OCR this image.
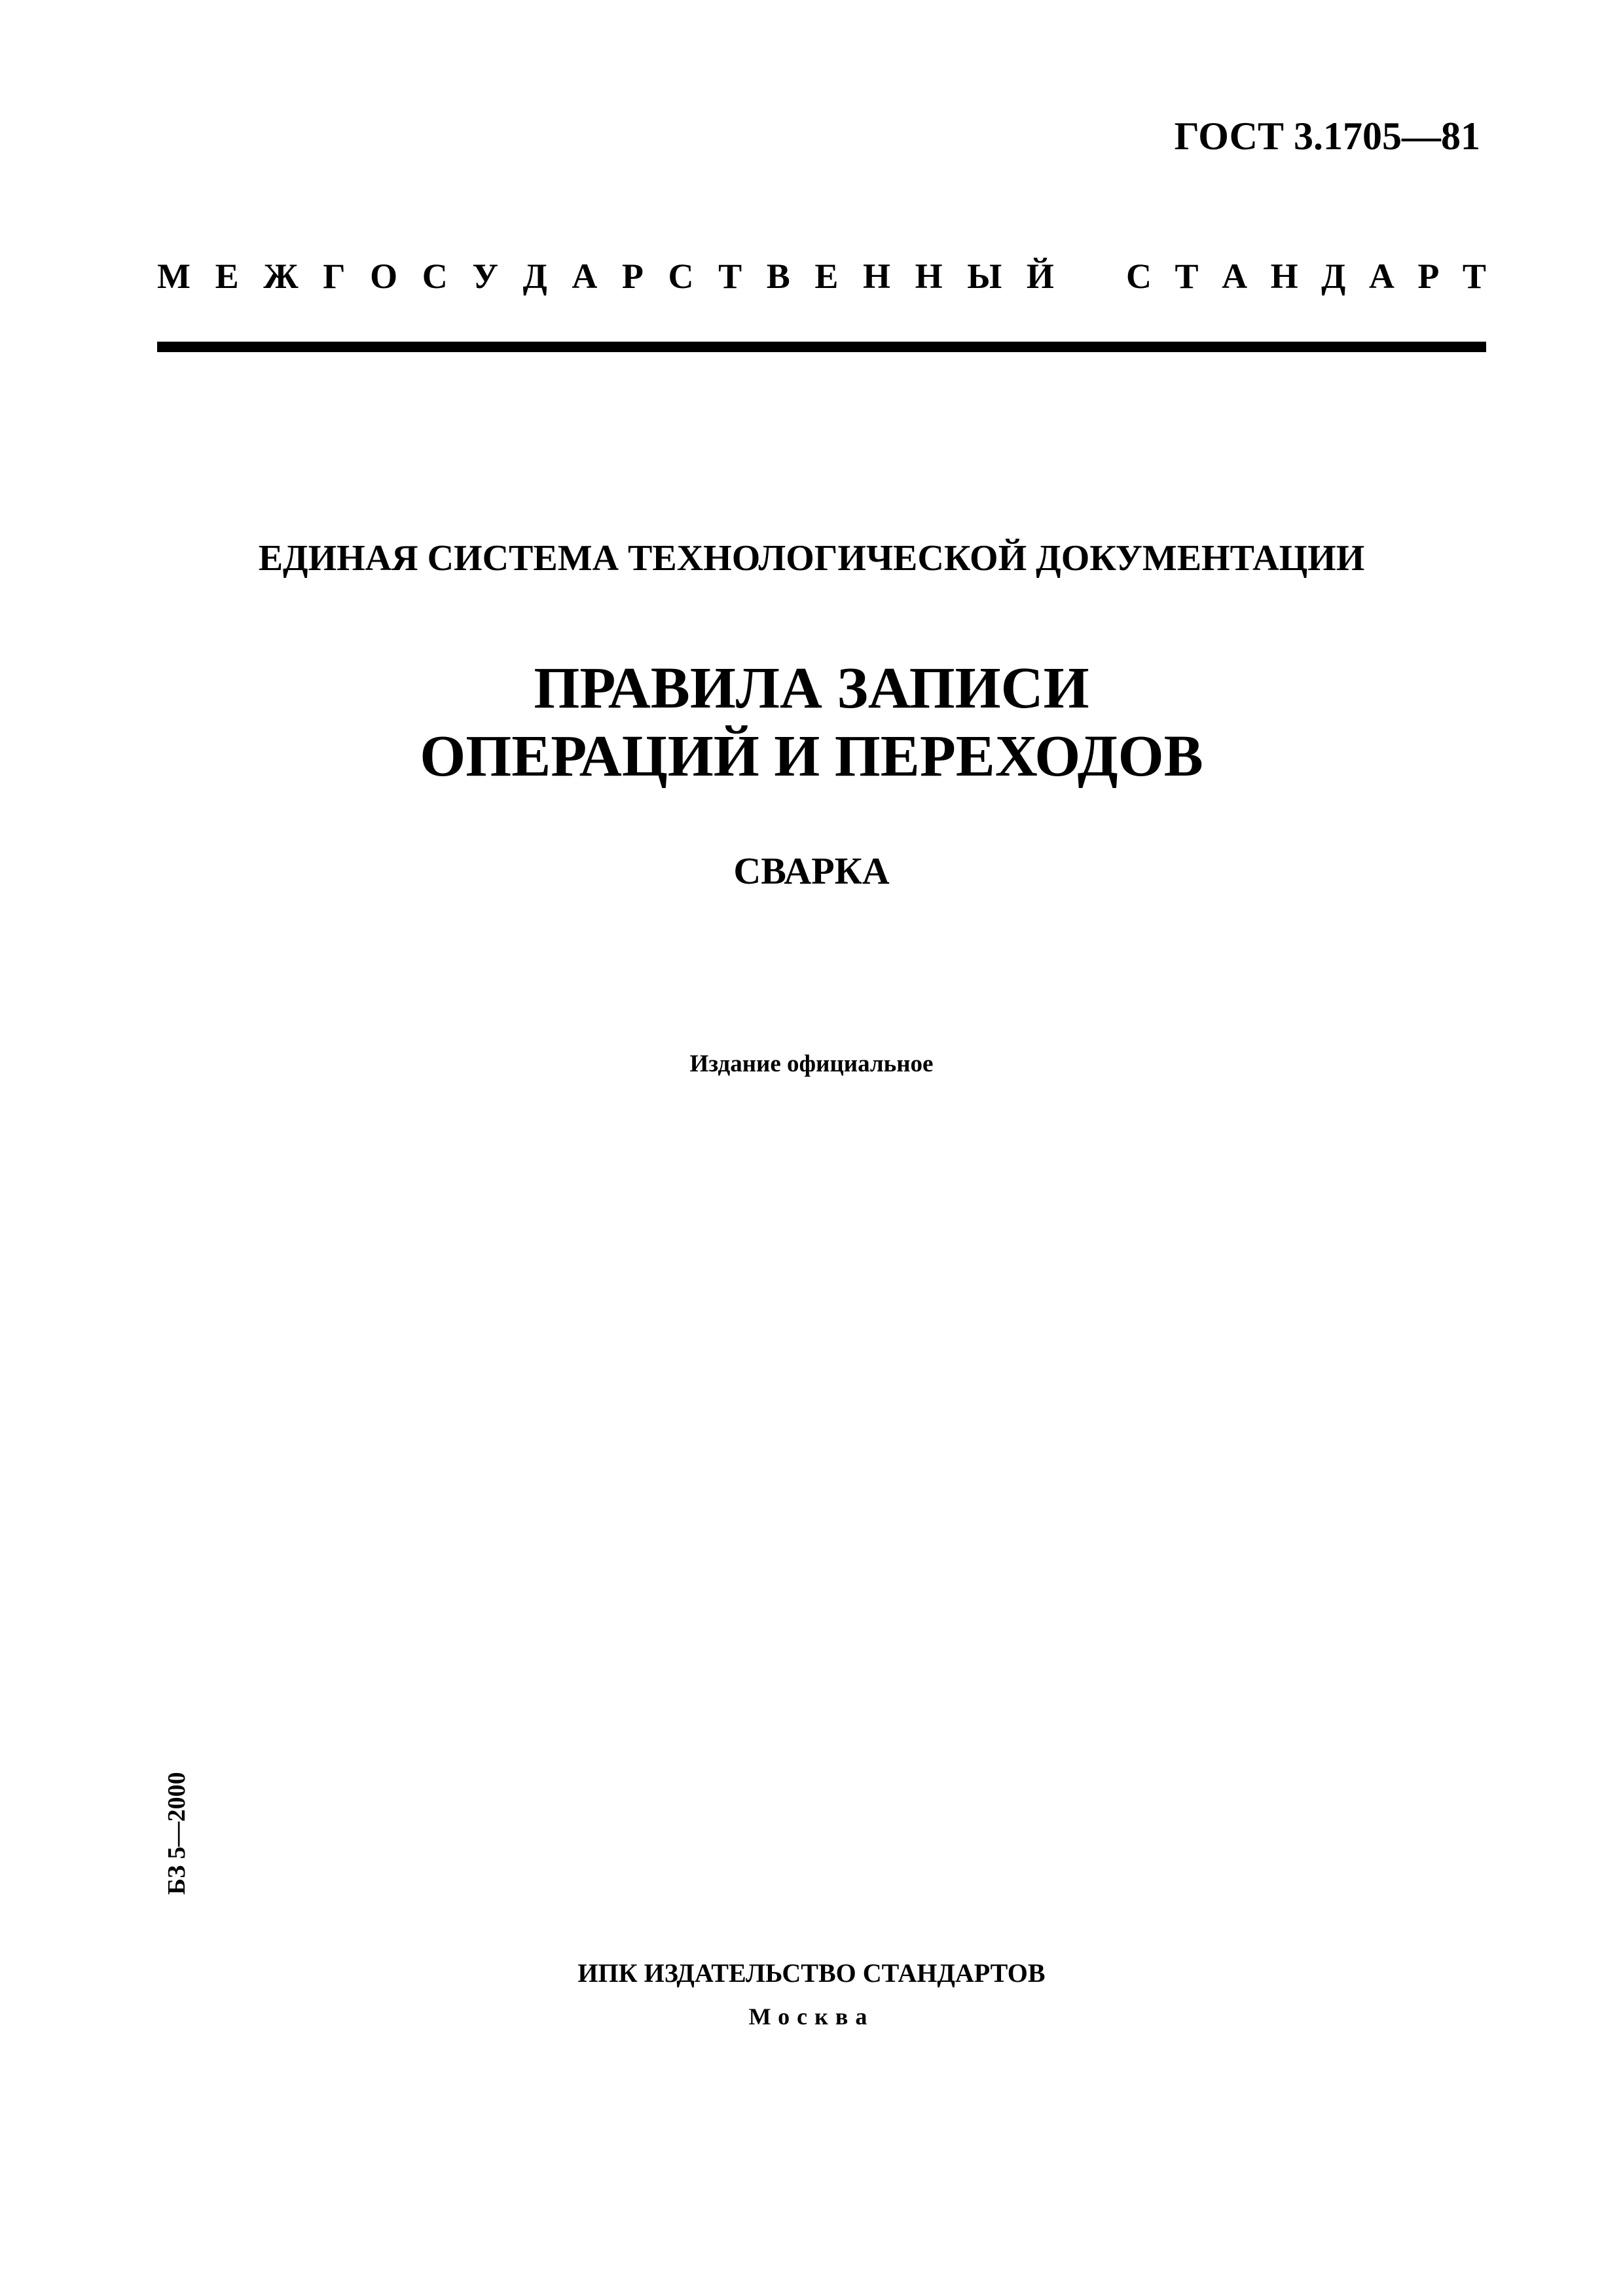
ГОСТ 3.1705—81
М Е Ж Г О С У Д А Р С Т В Е Н Н Ы Й С Т А Н Д А Р Т
ЕДИНАЯ СИСТЕМА ТЕХНОЛОГИЧЕСКОЙ ДОКУМЕНТАЦИИ
ПРАВИЛА ЗАПИСИ
ОПЕРАЦИЙ И ПЕРЕХОДОВ
СВАРКА
Издание официальное
БЗ 5—2000
ИПК ИЗДАТЕЛЬСТВО СТАНДАРТОВ
Москва
